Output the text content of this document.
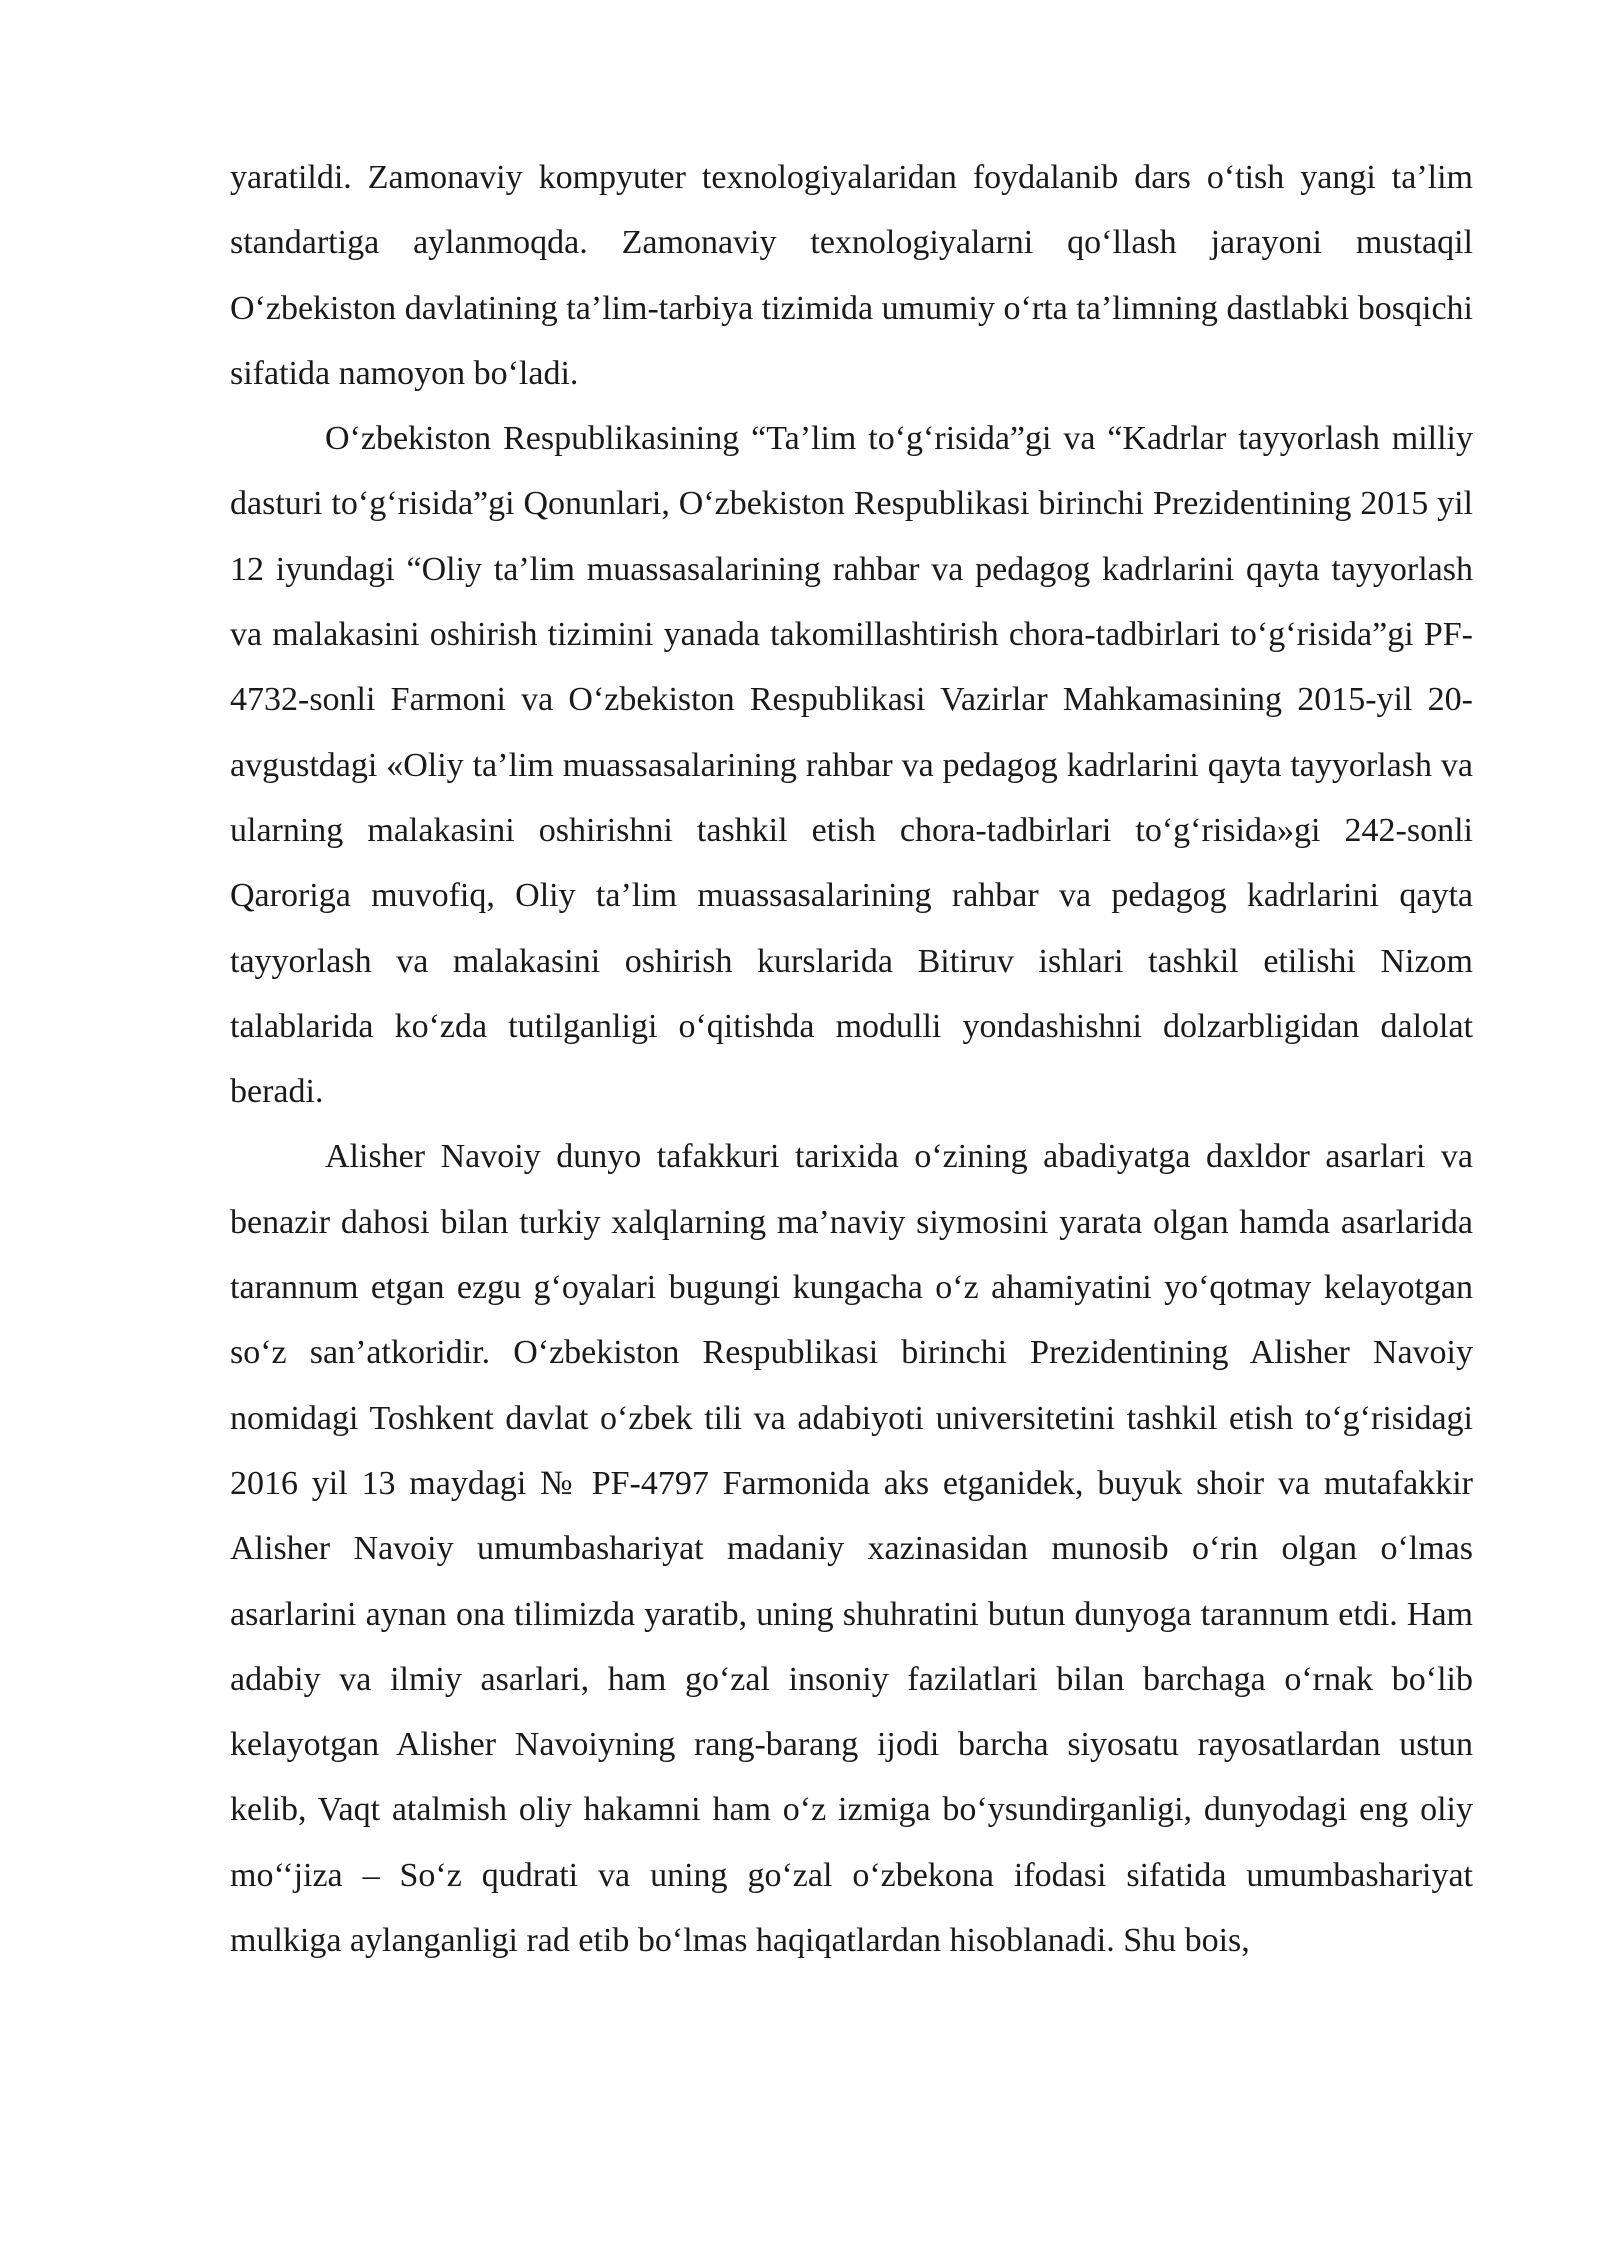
yaratildi. Zamonaviy kompyuter texnologiyalaridan foydalanib dars o‘tish yangi ta’lim standartiga aylanmoqda. Zamonaviy texnologiyalarni qo‘llash jarayoni mustaqil O‘zbekiston davlatining ta’lim-tarbiya tizimida umumiy o‘rta ta’limning dastlabki bosqichi sifatida namoyon bo‘ladi.

O‘zbekiston Respublikasining “Ta’lim to‘g‘risida”gi va “Kadrlar tayyorlash milliy dasturi to‘g‘risida”gi Qonunlari, O‘zbekiston Respublikasi birinchi Prezidentining 2015 yil 12 iyundagi “Oliy ta’lim muassasalarining rahbar va pedagog kadrlarini qayta tayyorlash va malakasini oshirish tizimini yanada takomillashtirish chora-tadbirlari to‘g‘risida”gi PF-4732-sonli Farmoni va O‘zbekiston Respublikasi Vazirlar Mahkamasining 2015-yil 20-avgustdagi «Oliy ta’lim muassasalarining rahbar va pedagog kadrlarini qayta tayyorlash va ularning malakasini oshirishni tashkil etish chora-tadbirlari to‘g‘risida»gi 242-sonli Qaroriga muvofiq, Oliy ta’lim muassasalarining rahbar va pedagog kadrlarini qayta tayyorlash va malakasini oshirish kurslarida Bitiruv ishlari tashkil etilishi Nizom talablarida ko‘zda tutilganligi o‘qitishda modulli yondashishni dolzarbligidan dalolat beradi.

Alisher Navoiy dunyo tafakkuri tarixida o‘zining abadiyatga daxldor asarlari va benazir dahosi bilan turkiy xalqlarning ma’naviy siymosini yarata olgan hamda asarlarida tarannum etgan ezgu g‘oyalari bugungi kungacha o‘z ahamiyatini yo‘qotmay kelayotgan so‘z san’atkoridir. O‘zbekiston Respublikasi birinchi Prezidentining Alisher Navoiy nomidagi Toshkent davlat o‘zbek tili va adabiyoti universitetini tashkil etish to‘g‘risidagi 2016 yil 13 maydagi № PF-4797 Farmonida aks etganidek, buyuk shoir va mutafakkir Alisher Navoiy umumbashariyat madaniy xazinasidan munosib o‘rin olgan o‘lmas asarlarini aynan ona tilimizda yaratib, uning shuhratini butun dunyoga tarannum etdi. Ham adabiy va ilmiy asarlari, ham go‘zal insoniy fazilatlari bilan barchaga o‘rnak bo‘lib kelayotgan Alisher Navoiyning rang-barang ijodi barcha siyosatu rayosatlardan ustun kelib, Vaqt atalmish oliy hakamni ham o‘z izmiga bo‘ysundirganligi, dunyodagi eng oliy mo‘‘jiza – So‘z qudrati va uning go‘zal o‘zbekona ifodasi sifatida umumbashariyat mulkiga aylanganligi rad etib bo‘lmas haqiqatlardan hisoblanadi. Shu bois,
